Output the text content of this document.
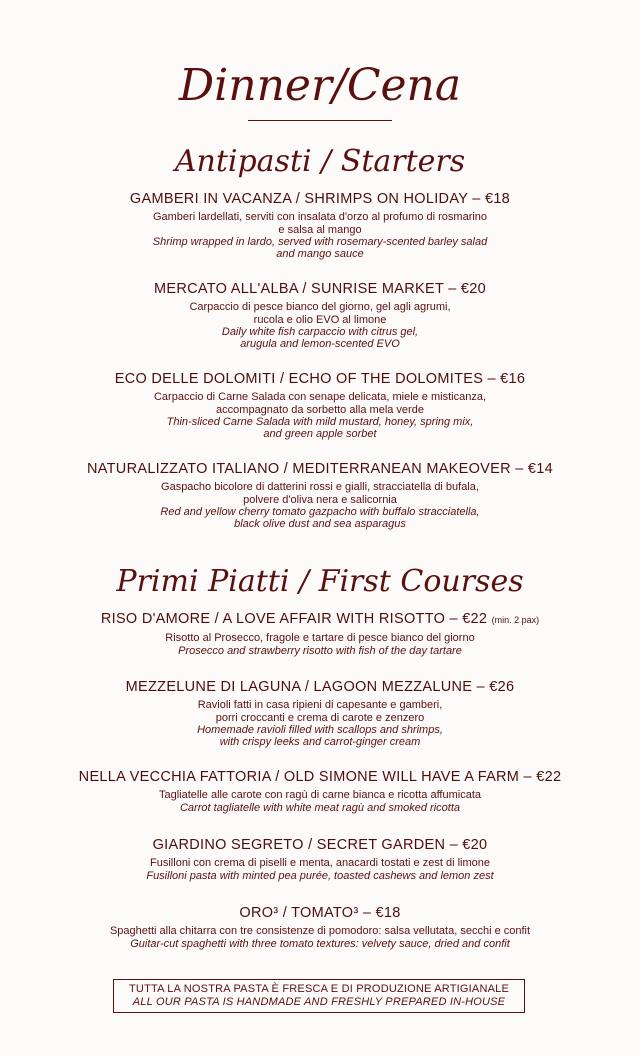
Dinner/Cena
Antipasti / Starters
GAMBERI IN VACANZA / SHRIMPS ON HOLIDAY – €18
Gamberi lardellati, serviti con insalata d'orzo al profumo di rosmarino
e salsa al mango
Shrimp wrapped in lardo, served with rosemary-scented barley salad
and mango sauce
MERCATO ALL'ALBA / SUNRISE MARKET – €20
Carpaccio di pesce bianco del giorno, gel agli agrumi,
rucola e olio EVO al limone
Daily white fish carpaccio with citrus gel,
arugula and lemon-scented EVO
ECO DELLE DOLOMITI / ECHO OF THE DOLOMITES – €16
Carpaccio di Carne Salada con senape delicata, miele e misticanza,
accompagnato da sorbetto alla mela verde
Thin-sliced Carne Salada with mild mustard, honey, spring mix,
and green apple sorbet
NATURALIZZATO ITALIANO / MEDITERRANEAN MAKEOVER – €14
Gaspacho bicolore di datterini rossi e gialli, stracciatella di bufala,
polvere d'oliva nera e salicornia
Red and yellow cherry tomato gazpacho with buffalo stracciatella,
black olive dust and sea asparagus
Primi Piatti / First Courses
RISO D'AMORE / A LOVE AFFAIR WITH RISOTTO – €22 (min. 2 pax)
Risotto al Prosecco, fragole e tartare di pesce bianco del giorno
Prosecco and strawberry risotto with fish of the day tartare
MEZZELUNE DI LAGUNA / LAGOON MEZZALUNE – €26
Ravioli fatti in casa ripieni di capesante e gamberi,
porri croccanti e crema di carote e zenzero
Homemade ravioli filled with scallops and shrimps,
with crispy leeks and carrot-ginger cream
NELLA VECCHIA FATTORIA / OLD SIMONE WILL HAVE A FARM – €22
Tagliatelle alle carote con ragù di carne bianca e ricotta affumicata
Carrot tagliatelle with white meat ragù and smoked ricotta
GIARDINO SEGRETO / SECRET GARDEN – €20
Fusilloni con crema di piselli e menta, anacardi tostati e zest di limone
Fusilloni pasta with minted pea purée, toasted cashews and lemon zest
ORO³ / TOMATO³ – €18
Spaghetti alla chitarra con tre consistenze di pomodoro: salsa vellutata, secchi e confit
Guitar-cut spaghetti with three tomato textures: velvety sauce, dried and confit
TUTTA LA NOSTRA PASTA È FRESCA E DI PRODUZIONE ARTIGIANALE
ALL OUR PASTA IS HANDMADE AND FRESHLY PREPARED IN-HOUSE
